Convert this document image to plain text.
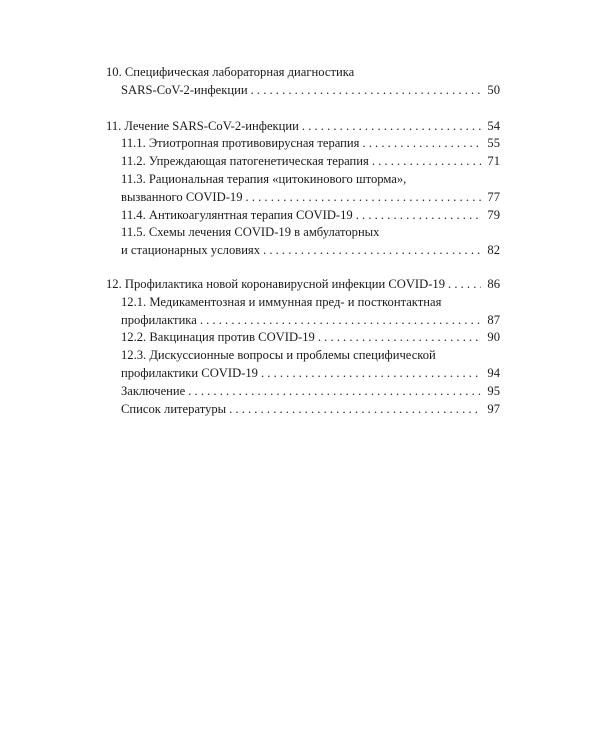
10. Специфическая лабораторная диагностика
SARS-CoV-2-инфекции . . .	50
11. Лечение SARS-CoV-2-инфекции . . .	54
11.1. Этиотропная противовирусная терапия . . .	55
11.2. Упреждающая патогенетическая терапия . . .	71
11.3. Рациональная терапия «цитокинового шторма»,
вызванного COVID-19 . . .	77
11.4. Антикоагулянтная терапия COVID-19 . . .	79
11.5. Схемы лечения COVID-19 в амбулаторных
и стационарных условиях . . .	82
12. Профилактика новой коронавирусной инфекции COVID-19 . . .	86
12.1. Медикаментозная и иммунная пред- и постконтактная
профилактика . . .	87
12.2. Вакцинация против COVID-19 . . .	90
12.3. Дискуссионные вопросы и проблемы специфической
профилактики COVID-19 . . .	94
Заключение . . .	95
Список литературы . . .	97
